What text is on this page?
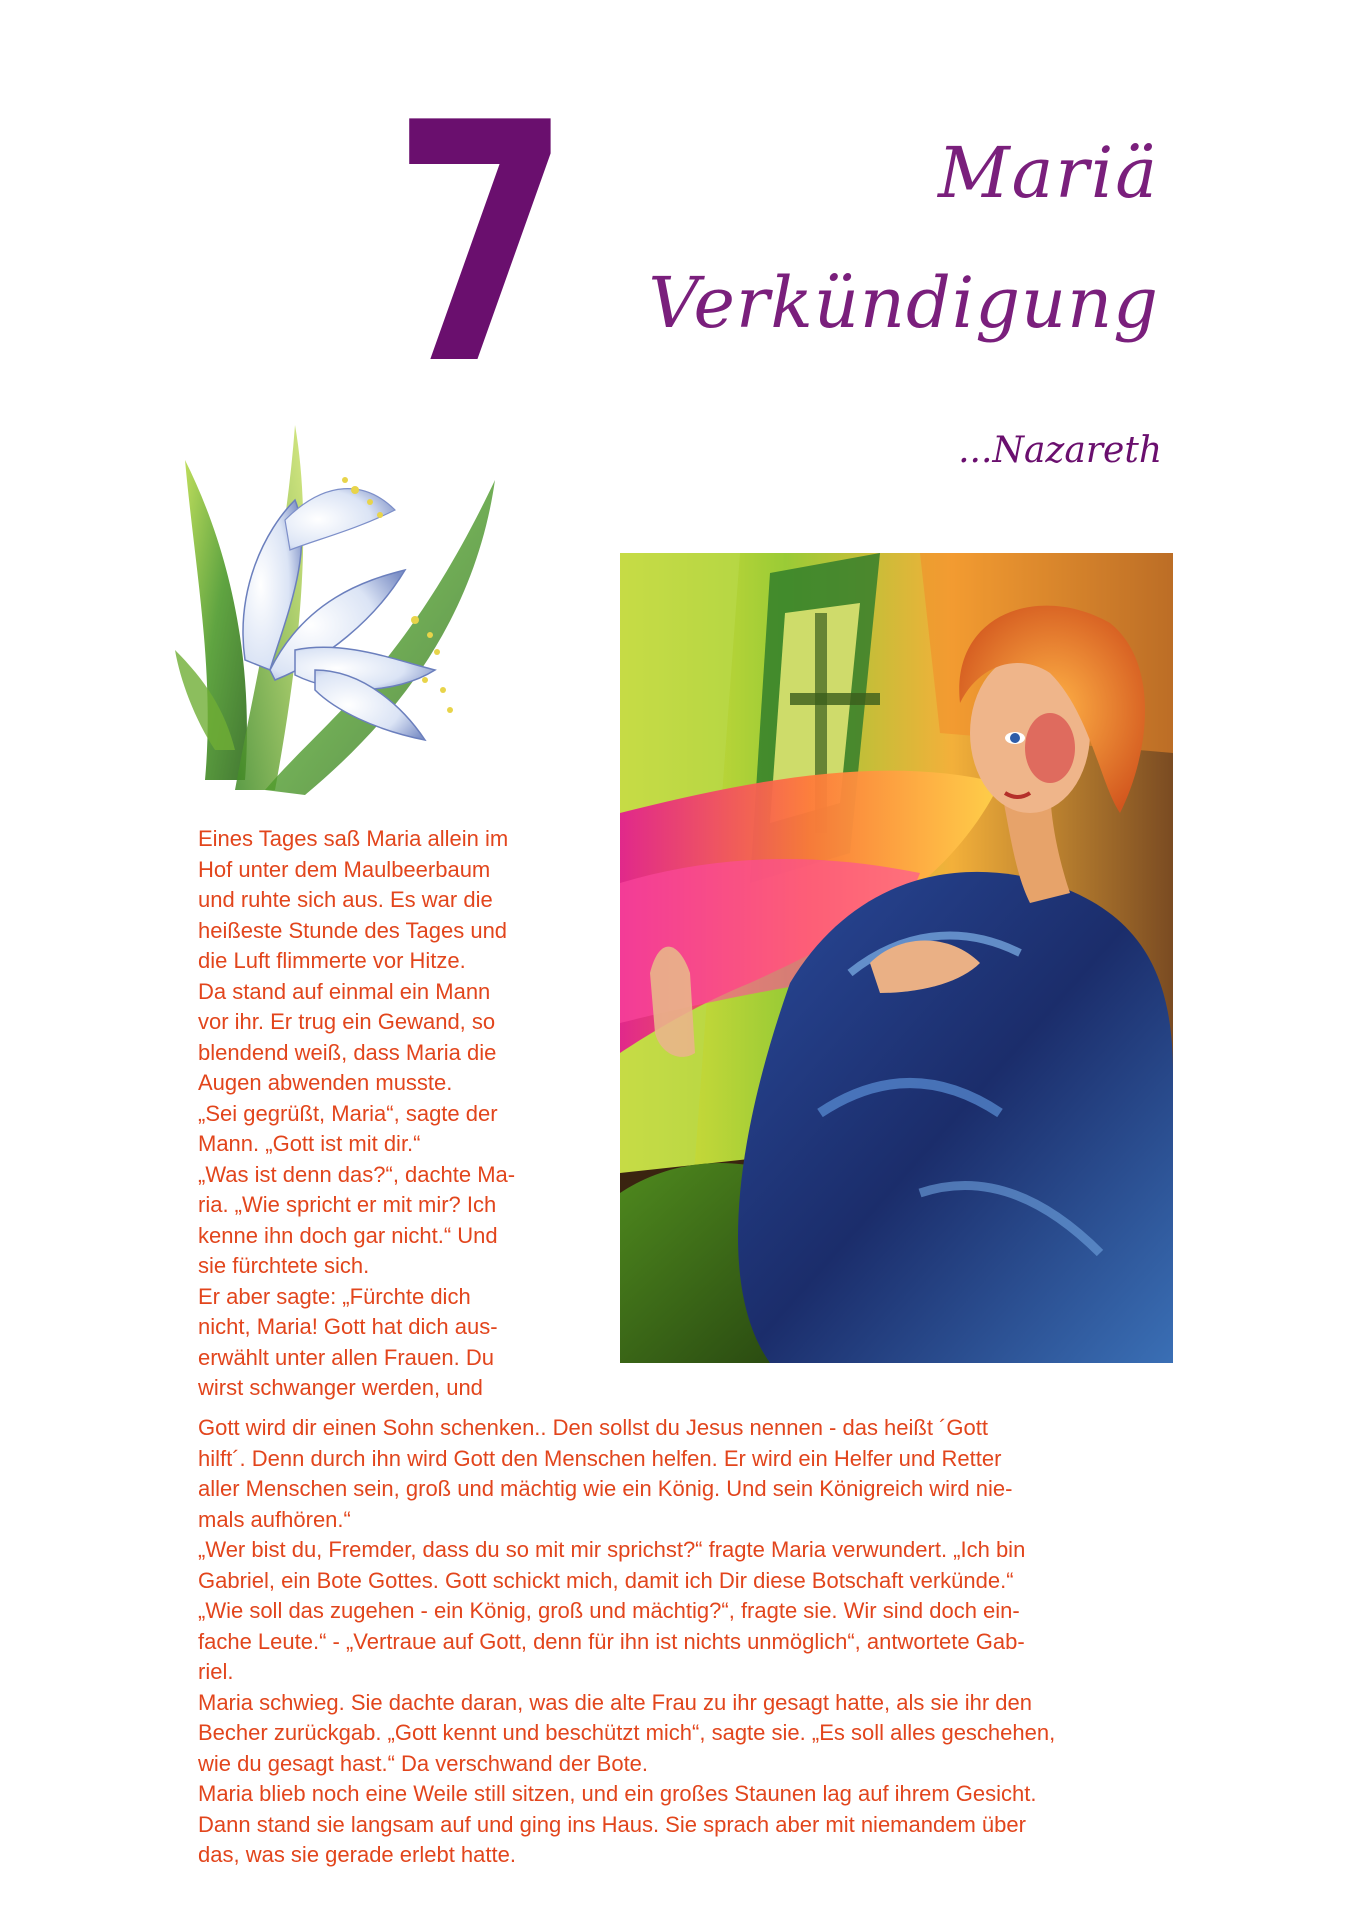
7	Mariä
Verkündigung
...Nazareth
Eines Tages saß Maria allein im
Hof unter dem Maulbeerbaum
und ruhte sich aus. Es war die
heißeste Stunde des Tages und
die Luft flimmerte vor Hitze.
Da stand auf einmal ein Mann
vor ihr. Er trug ein Gewand, so
blendend weiß, dass Maria die
Augen abwenden musste.
„Sei gegrüßt, Maria“, sagte der
Mann. „Gott ist mit dir.“
„Was ist denn das?“, dachte Ma-
ria. „Wie spricht er mit mir? Ich
kenne ihn doch gar nicht.“ Und
sie fürchtete sich.
Er aber sagte: „Fürchte dich
nicht, Maria! Gott hat dich aus-
erwählt unter allen Frauen. Du
wirst schwanger werden, und
Gott wird dir einen Sohn schenken.. Den sollst du Jesus nennen - das heißt ´Gott
hilft´. Denn durch ihn wird Gott den Menschen helfen. Er wird ein Helfer und Retter
aller Menschen sein, groß und mächtig wie ein König. Und sein Königreich wird nie-
mals aufhören.“
„Wer bist du, Fremder, dass du so mit mir sprichst?“ fragte Maria verwundert. „Ich bin
Gabriel, ein Bote Gottes. Gott schickt mich, damit ich Dir diese Botschaft verkünde.“
„Wie soll das zugehen - ein König, groß und mächtig?“, fragte sie. Wir sind doch ein-
fache Leute.“ - „Vertraue auf Gott, denn für ihn ist nichts unmöglich“, antwortete Gab-
riel.
Maria schwieg. Sie dachte daran, was die alte Frau zu ihr gesagt hatte, als sie ihr den
Becher zurückgab. „Gott kennt und beschützt mich“, sagte sie. „Es soll alles geschehen,
wie du gesagt hast.“ Da verschwand der Bote.
Maria blieb noch eine Weile still sitzen, und ein großes Staunen lag auf ihrem Gesicht.
Dann stand sie langsam auf und ging ins Haus. Sie sprach aber mit niemandem über
das, was sie gerade erlebt hatte.
